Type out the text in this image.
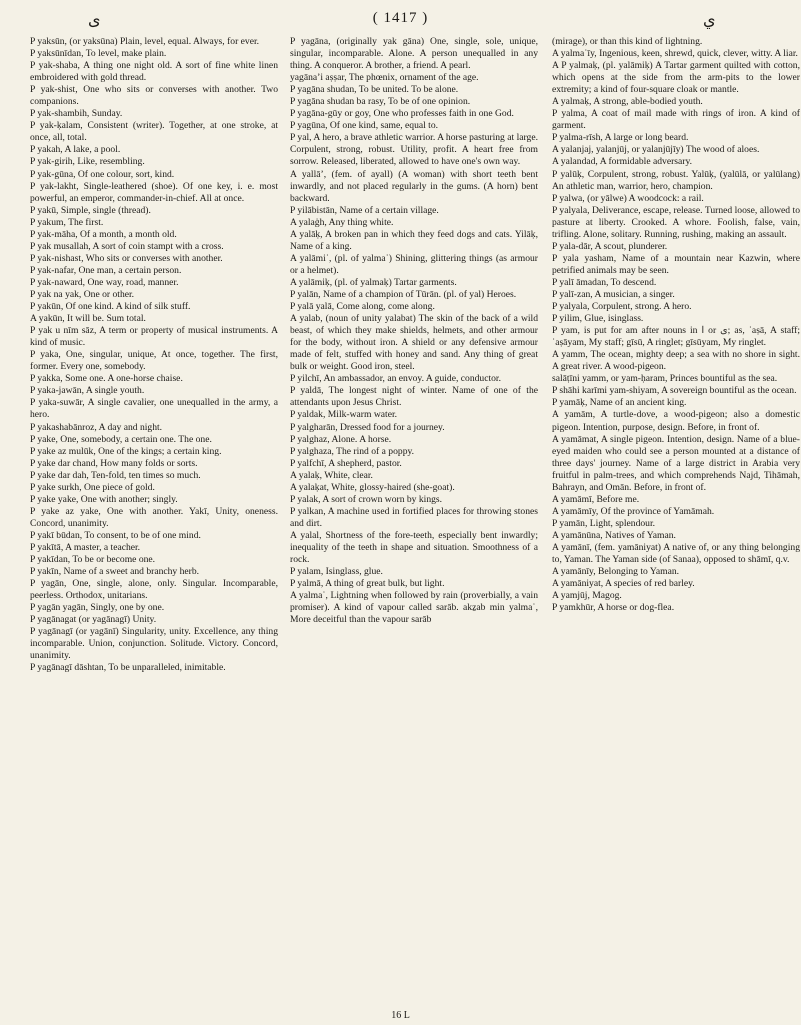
ی	( 1417 )	ي

P yaksūn, (or yaksūna) Plain, level, equal. Always, for ever.

P yaksūnīdan, To level, make plain.

P yak-shaba, A thing one night old. A sort of fine white linen embroidered with gold thread.

P yak-shist, One who sits or converses with another. Two companions.

P yak-shambih, Sunday.

P yak-ḳalam, Consistent (writer). Together, at one stroke, at once, all, total.

P yakah, A lake, a pool.

P yak-girih, Like, resembling.

P yak-gūna, Of one colour, sort, kind.

P yak-lakht, Single-leathered (shoe). Of one key, i. e. most powerful, an emperor, commander-in-chief. All at once.

P yakū, Simple, single (thread).

P yakum, The first.

P yak-māha, Of a month, a month old.

P yak musallah, A sort of coin stampt with a cross.

P yak-nishast, Who sits or converses with another.

P yak-nafar, One man, a certain person.

P yak-naward, One way, road, manner.

P yak na yak, One or other.

P yakūn, Of one kind. A kind of silk stuff.

A yakūn, It will be. Sum total.

P yak u nīm sāz, A term or property of musical instruments. A kind of music.

P yaka, One, singular, unique, At once, together. The first, former. Every one, somebody.

P yakka, Some one. A one-horse chaise.

P yaka-jawān, A single youth.

P yaka-suwār, A single cavalier, one unequalled in the army, a hero.

P yakashabānroz, A day and night.

P yake, One, somebody, a certain one. The one.

P yake az mulūk, One of the kings; a certain king.

P yake dar chand, How many folds or sorts.

P yake dar dah, Ten-fold, ten times so much.

P yake surkh, One piece of gold.

P yake yake, One with another; singly.

P yake az yake, One with another. Yakī, Unity, oneness. Concord, unanimity.

P yakī būdan, To consent, to be of one mind.

P yakītā, A master, a teacher.

P yakīdan, To be or become one.

P yakīn, Name of a sweet and branchy herb.

P yagān, One, single, alone, only. Singular. Incomparable, peerless. Orthodox, unitarians.

P yagān yagān, Singly, one by one.

P yagānagat (or yagānagī) Unity.

P yagānagī (or yagānī) Singularity, unity. Excellence, any thing incomparable. Union, conjunction. Solitude. Victory. Concord, unanimity.

P yagānagī dāshtan, To be unparalleled, inimitable.

P yagāna, (originally yak gāna) One, single, sole, unique, singular, incomparable. Alone. A person unequalled in any thing. A conqueror. A brother, a friend. A pearl.

yagānaʼi aṣṣar, The phœnix, ornament of the age.

P yagāna shudan, To be united. To be alone.

P yagāna shudan ba rasy, To be of one opinion.

P yagāna-gūy or goy, One who professes faith in one God.

P yagūna, Of one kind, same, equal to.

P yal, A hero, a brave athletic warrior. A horse pasturing at large. Corpulent, strong, robust. Utility, profit. A heart free from sorrow. Released, liberated, allowed to have one's own way.

A yallāʼ, (fem. of ayall) (A woman) with short teeth bent inwardly, and not placed regularly in the gums. (A horn) bent backward.

P yilābistān, Name of a certain village.

A yalaġh, Any thing white.

A yalāḳ, A broken pan in which they feed dogs and cats. Yilāḳ, Name of a king.

A yalāmiʿ, (pl. of yalmaʿ) Shining, glittering things (as armour or a helmet).

A yalāmiḳ, (pl. of yalmaḳ) Tartar garments.

P yalān, Name of a champion of Tūrān. (pl. of yal) Heroes.

P yalā yalā, Come along, come along.

A yalab, (noun of unity yalabat) The skin of the back of a wild beast, of which they make shields, helmets, and other armour for the body, without iron. A shield or any defensive armour made of felt, stuffed with honey and sand. Any thing of great bulk or weight. Good iron, steel.

P yilchī, An ambassador, an envoy. A guide, conductor.

P yaldā, The longest night of winter. Name of one of the attendants upon Jesus Christ.

P yaldak, Milk-warm water.

P yalgharān, Dressed food for a journey.

P yalghaz, Alone. A horse.

P yalghaza, The rind of a poppy.

P yalfchī, A shepherd, pastor.

A yalaḳ, White, clear.

A yalaḳat, White, glossy-haired (she-goat).

P yalak, A sort of crown worn by kings.

P yalkan, A machine used in fortified places for throwing stones and dirt.

A yalal, Shortness of the fore-teeth, especially bent inwardly; inequality of the teeth in shape and situation. Smoothness of a rock.

P yalam, Isinglass, glue.

P yalmā, A thing of great bulk, but light.

A yalmaʿ, Lightning when followed by rain (proverbially, a vain promiser). A kind of vapour called sarāb. akẕab min yalmaʿ, More deceitful than the vapour sarāb

(mirage), or than this kind of lightning.

A yalmaʿīy, Ingenious, keen, shrewd, quick, clever, witty. A liar.

A P yalmaḳ, (pl. yalāmiḳ) A Tartar garment quilted with cotton, which opens at the side from the arm-pits to the lower extremity; a kind of four-square cloak or mantle.

A yalmaḳ, A strong, able-bodied youth.

P yalma, A coat of mail made with rings of iron. A kind of garment.

P yalma-rīsh, A large or long beard.

A yalanjaj, yalanjūj, or yalanjūjīy) The wood of aloes.

A yalandad, A formidable adversary.

P yalūḳ, Corpulent, strong, robust. Yalūḳ, (yalūlā, or yalūlang) An athletic man, warrior, hero, champion.

P yalwa, (or yālwe) A woodcock: a rail.

P yalyala, Deliverance, escape, release. Turned loose, allowed to pasture at liberty. Crooked. A whore. Foolish, false, vain, trifling. Alone, solitary. Running, rushing, making an assault.

P yala-dār, A scout, plunderer.

P yala yasham, Name of a mountain near Kazwin, where petrified animals may be seen.

P yalī āmadan, To descend.

P yalī-zan, A musician, a singer.

P yalyala, Corpulent, strong. A hero.

P yilim, Glue, isinglass.

P yam, is put for am after nouns in ا or ی; as, ʿaṣā, A staff; ʿaṣāyam, My staff; gīsū, A ringlet; gīsūyam, My ringlet.

A yamm, The ocean, mighty deep; a sea with no shore in sight. A great river. A wood-pigeon.

salāṭīni yamm, or yam-ḥaram, Princes bountiful as the sea.

P shāhi karīmi yam-shiyam, A sovereign bountiful as the ocean.

P yamāḳ, Name of an ancient king.

A yamām, A turtle-dove, a wood-pigeon; also a domestic pigeon. Intention, purpose, design. Before, in front of.

A yamāmat, A single pigeon. Intention, design. Name of a blue-eyed maiden who could see a person mounted at a distance of three days' journey. Name of a large district in Arabia very fruitful in palm-trees, and which comprehends Najd, Tihāmah, Bahrayn, and Omān. Before, in front of.

A yamāmī, Before me.

A yamāmīy, Of the province of Yamāmah.

P yamān, Light, splendour.

A yamānūna, Natives of Yaman.

A yamānī, (fem. yamāniyat) A native of, or any thing belonging to, Yaman. The Yaman side (of Sanaa), opposed to shāmī, q.v.

A yamānīy, Belonging to Yaman.

A yamāniyat, A species of red barley.

A yamjūj, Magog.

P yamkhūr, A horse or dog-flea.

16 L
